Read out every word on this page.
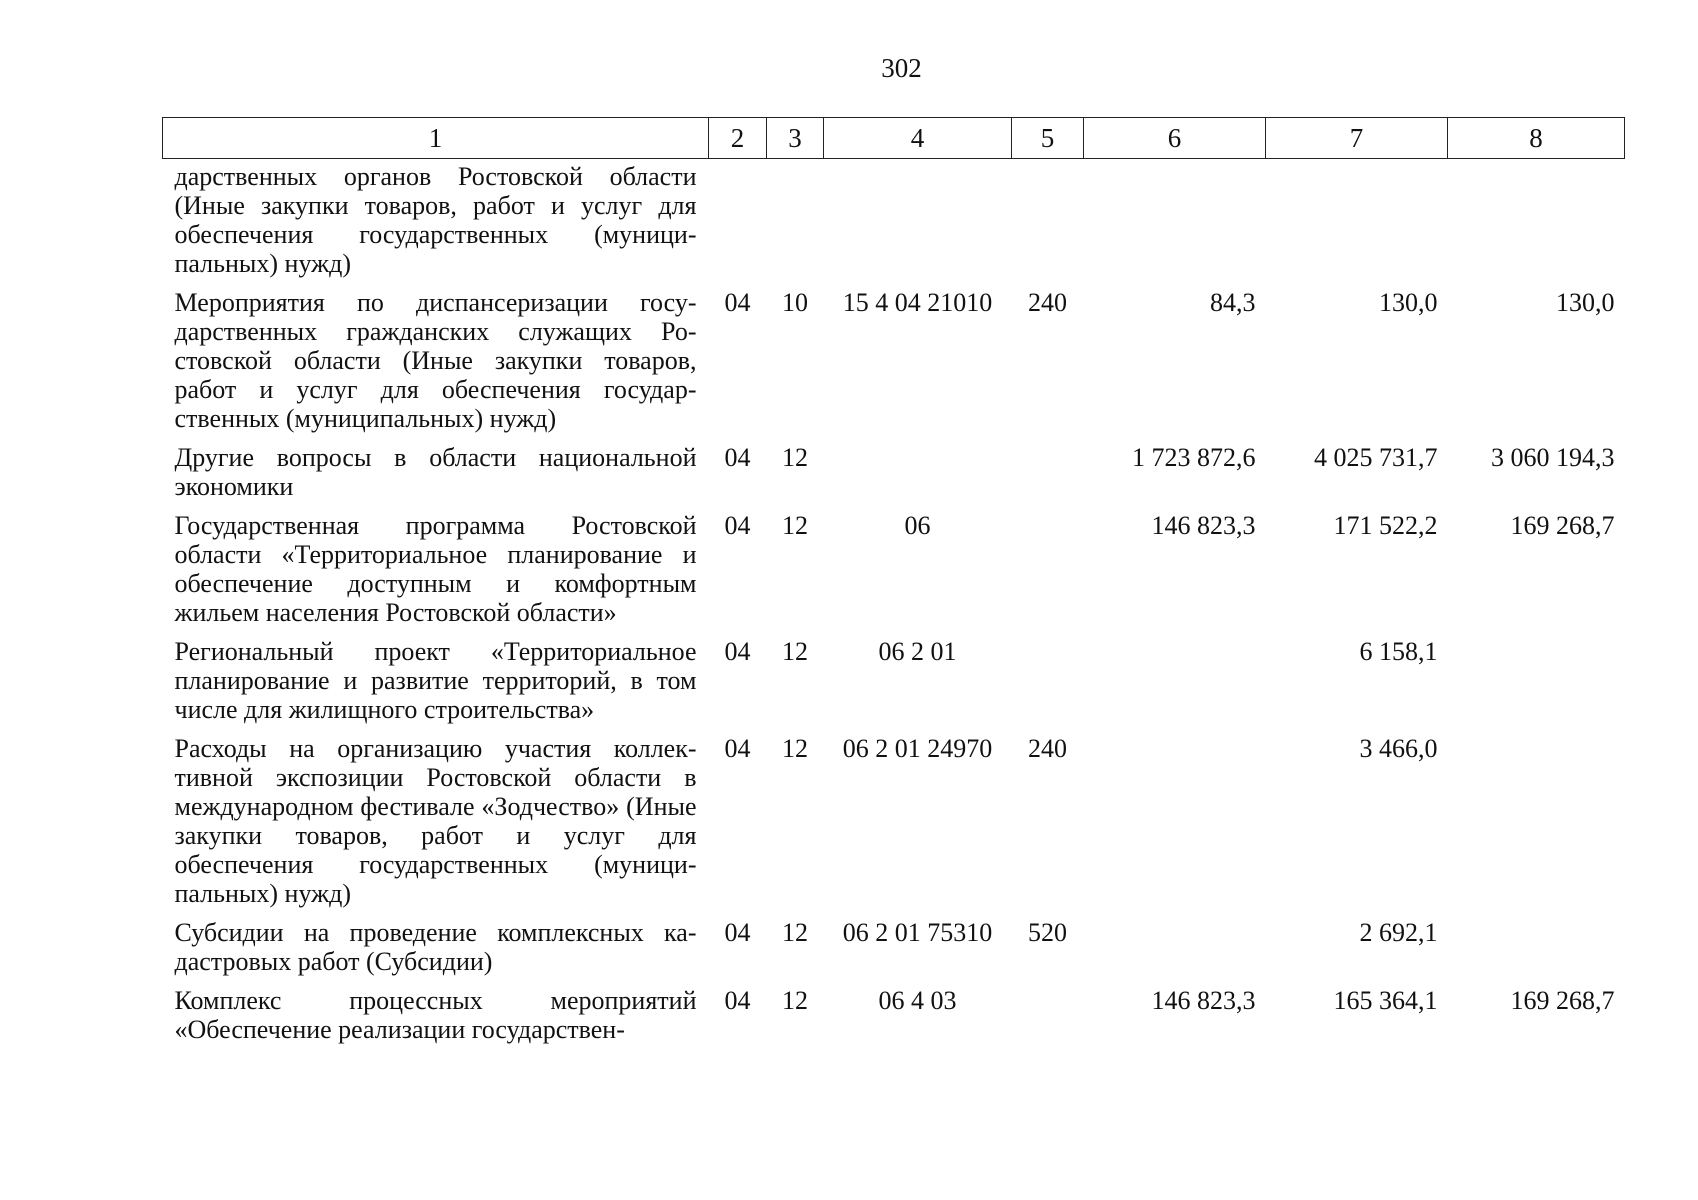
302
1	2	3	4	5	6	7	8
дарственных органов Ростовской области (Иные закупки товаров, работ и услуг для обеспечения государственных (муници-пальных) нужд)							
Мероприятия по диспансеризации госу-дарственных гражданских служащих Ро-стовской области (Иные закупки товаров, работ и услуг для обеспечения государ-ственных (муниципальных) нужд)	04	10	15 4 04 21010	240	84,3	130,0	130,0
Другие вопросы в области национальной экономики	04	12			1 723 872,6	4 025 731,7	3 060 194,3
Государственная программа Ростовской области «Территориальное планирование и обеспечение доступным и комфортным жильем населения Ростовской области»	04	12	06		146 823,3	171 522,2	169 268,7
Региональный проект «Территориальное планирование и развитие территорий, в том числе для жилищного строительства»	04	12	06 2 01			6 158,1	
Расходы на организацию участия коллек-тивной экспозиции Ростовской области в международном фестивале «Зодчество» (Иные закупки товаров, работ и услуг для обеспечения государственных (муници-пальных) нужд)	04	12	06 2 01 24970	240		3 466,0	
Субсидии на проведение комплексных ка-дастровых работ (Субсидии)	04	12	06 2 01 75310	520		2 692,1	
Комплекс процессных мероприятий «Обеспечение реализации государствен-	04	12	06 4 03		146 823,3	165 364,1	169 268,7
